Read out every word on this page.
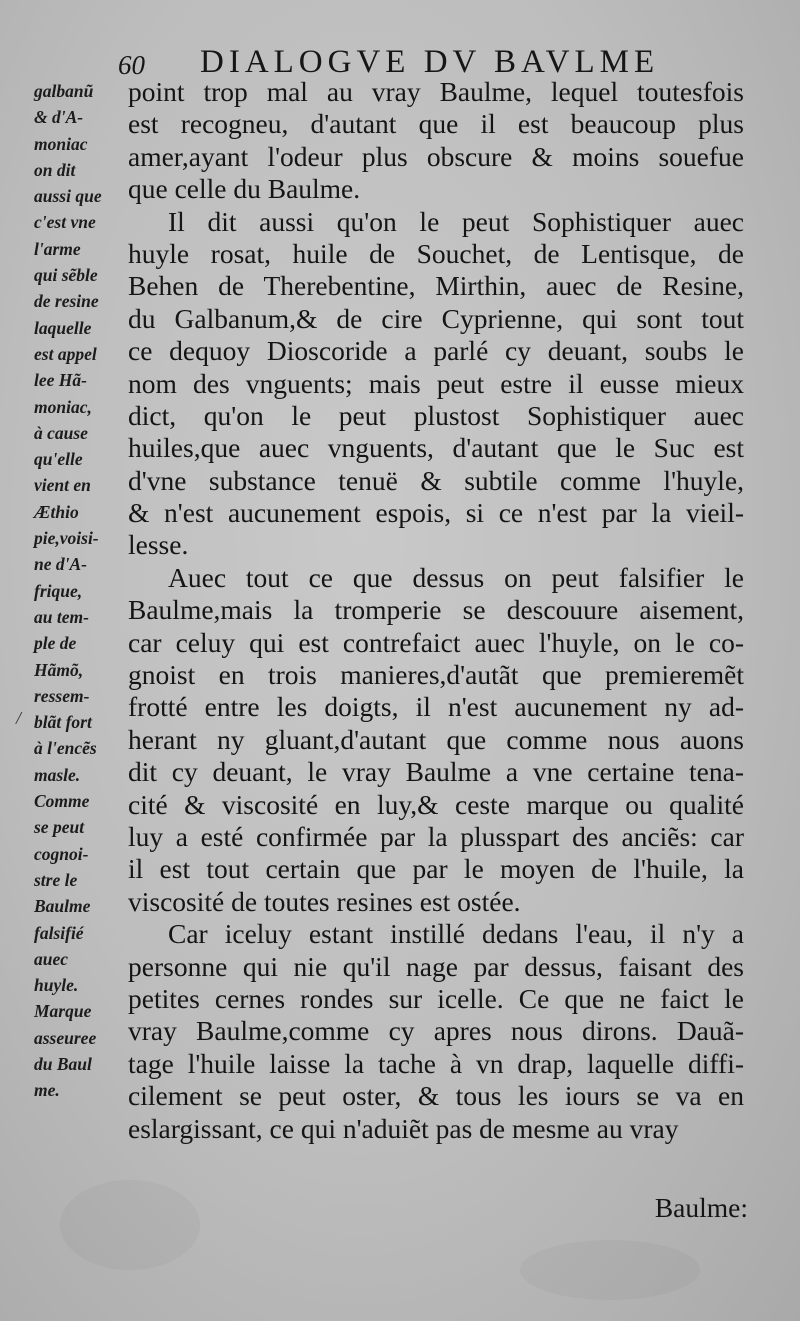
60 DIALOGVE DV BAVLME
galbanũ
& d'A-
moniac
on dit
aussi que
c'est vne
l'arme
qui sẽble
de resine
laquelle
est appel
lee Hã-
moniac,
à cause
qu'elle
vient en
Æthio
pie,voisi-
ne d'A-
frique,
au tem-
ple de
Hãmõ,
ressem-
blãt fort
à l'encẽs
masle.
Comme
se peut
cognoi-
stre le
Baulme
falsifié
auec
huyle.
Marque
asseuree
du Baul
me.
point trop mal au vray Baulme, lequel toutesfois
est recogneu, d'autant que il est beaucoup plus
amer,ayant l'odeur plus obscure & moins souefue
que celle du Baulme.
Il dit aussi qu'on le peut Sophistiquer auec
huyle rosat, huile de Souchet, de Lentisque, de
Behen de Therebentine, Mirthin, auec de Resine,
du Galbanum,& de cire Cyprienne, qui sont tout
ce dequoy Dioscoride a parlé cy deuant, soubs le
nom des vnguents; mais peut estre il eusse mieux
dict, qu'on le peut plustost Sophistiquer auec
huiles,que auec vnguents, d'autant que le Suc est
d'vne substance tenuë & subtile comme l'huyle,
& n'est aucunement espois, si ce n'est par la vieil-
lesse.
Auec tout ce que dessus on peut falsifier le
Baulme,mais la tromperie se descouure aisement,
car celuy qui est contrefaict auec l'huyle, on le co-
gnoist en trois manieres,d'autãt que premieremẽt
frotté entre les doigts, il n'est aucunement ny ad-
herant ny gluant,d'autant que comme nous auons
dit cy deuant, le vray Baulme a vne certaine tena-
cité & viscosité en luy,& ceste marque ou qualité
luy a esté confirmée par la plusspart des anciẽs: car
il est tout certain que par le moyen de l'huile, la
viscosité de toutes resines est ostée.
Car iceluy estant instillé dedans l'eau, il n'y a
personne qui nie qu'il nage par dessus, faisant des
petites cernes rondes sur icelle. Ce que ne faict le
vray Baulme,comme cy apres nous dirons. Dauã-
tage l'huile laisse la tache à vn drap, laquelle diffi-
cilement se peut oster, & tous les iours se va en
eslargissant, ce qui n'aduiẽt pas de mesme au vray
Baulme:
/
